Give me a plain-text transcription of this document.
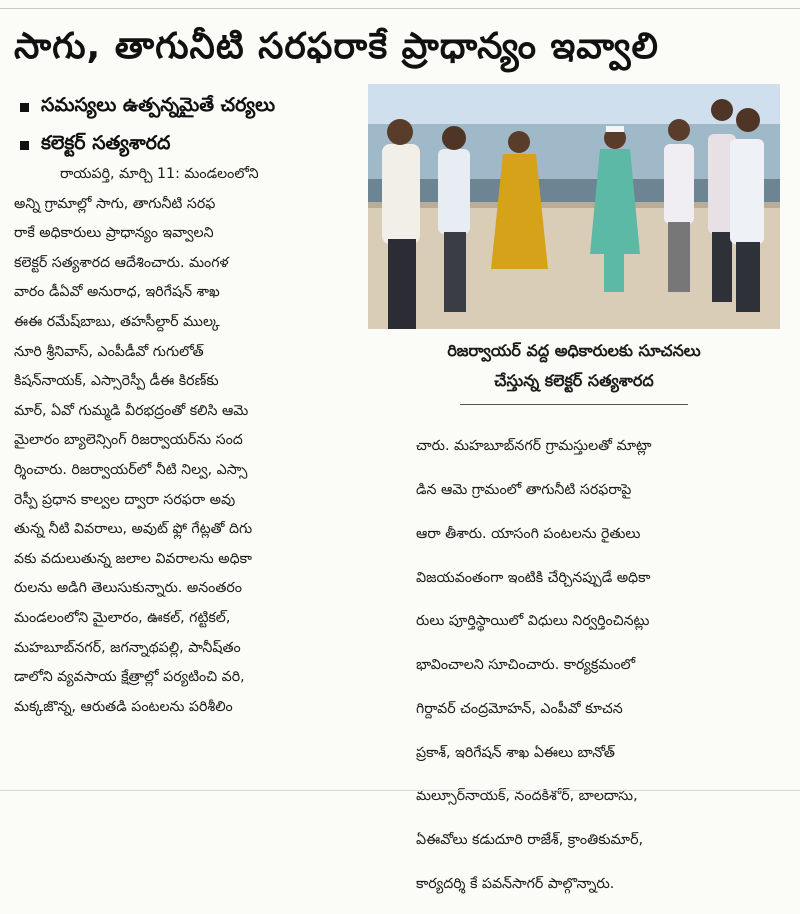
సాగు, తాగునీటి సరఫరాకే ప్రాధాన్యం ఇవ్వాలి
సమస్యలు ఉత్పన్నమైతే చర్యలు
కలెక్టర్ సత్యశారద

రాయపర్తి, మార్చి 11: మండలంలోని

అన్ని గ్రామాల్లో సాగు, తాగునీటి సరఫ

రాకే అధికారులు ప్రాధాన్యం ఇవ్వాలని

కలెక్టర్ సత్యశారద ఆదేశించారు. మంగళ

వారం డీఏవో అనురాధ, ఇరిగేషన్ శాఖ

ఈఈ రమేష్‌బాబు, తహసీల్దార్ ముల్క

నూరి శ్రీనివాస్, ఎంపీడీవో గుగులోత్

కిషన్‌నాయక్, ఎస్సారెస్పీ డీఈ కిరణ్‌కు

మార్, ఏవో గుమ్మడి వీరభద్రంతో కలిసి ఆమె

మైలారం బ్యాలెన్సింగ్ రిజర్వాయర్‌ను సంద

ర్శించారు. రిజర్వాయర్‌లో నీటి నిల్వ, ఎస్సా

రెస్పీ ప్రధాన కాల్వల ద్వారా సరఫరా అవు

తున్న నీటి వివరాలు, అవుట్ ఫ్లో గేట్లతో దిగు

వకు వదులుతున్న జలాల వివరాలను అధికా

రులను అడిగి తెలుసుకున్నారు. అనంతరం

మండలంలోని మైలారం, ఊకల్, గట్టికల్,

మహబూబ్‌నగర్, జగన్నాథపల్లి, పానీష్‌తం

డాలోని వ్యవసాయ క్షేత్రాల్లో పర్యటించి వరి,

మక్కజొన్న, ఆరుతడి పంటలను పరిశీలిం

రిజర్వాయర్ వద్ద అధికారులకు సూచనలు
చేస్తున్న కలెక్టర్ సత్యశారద

చారు. మహబూబ్‌నగర్ గ్రామస్తులతో మాట్లా

డిన ఆమె గ్రామంలో తాగునీటి సరఫరాపై

ఆరా తీశారు. యాసంగి పంటలను రైతులు

విజయవంతంగా ఇంటికి చేర్చినప్పుడే అధికా

రులు పూర్తిస్థాయిలో విధులు నిర్వర్తించినట్లు

భావించాలని సూచించారు. కార్యక్రమంలో

గిర్దావర్ చంద్రమోహన్, ఎంపీవో కూచన

ప్రకాశ్, ఇరిగేషన్ శాఖ ఏఈలు బానోత్

మల్సూర్‌నాయక్, నందకిశోర్, బాలదాసు,

ఏఈవోలు కడుదూరి రాజేశ్, క్రాంతికుమార్,

కార్యదర్శి కే పవన్‌సాగర్ పాల్గొన్నారు.
